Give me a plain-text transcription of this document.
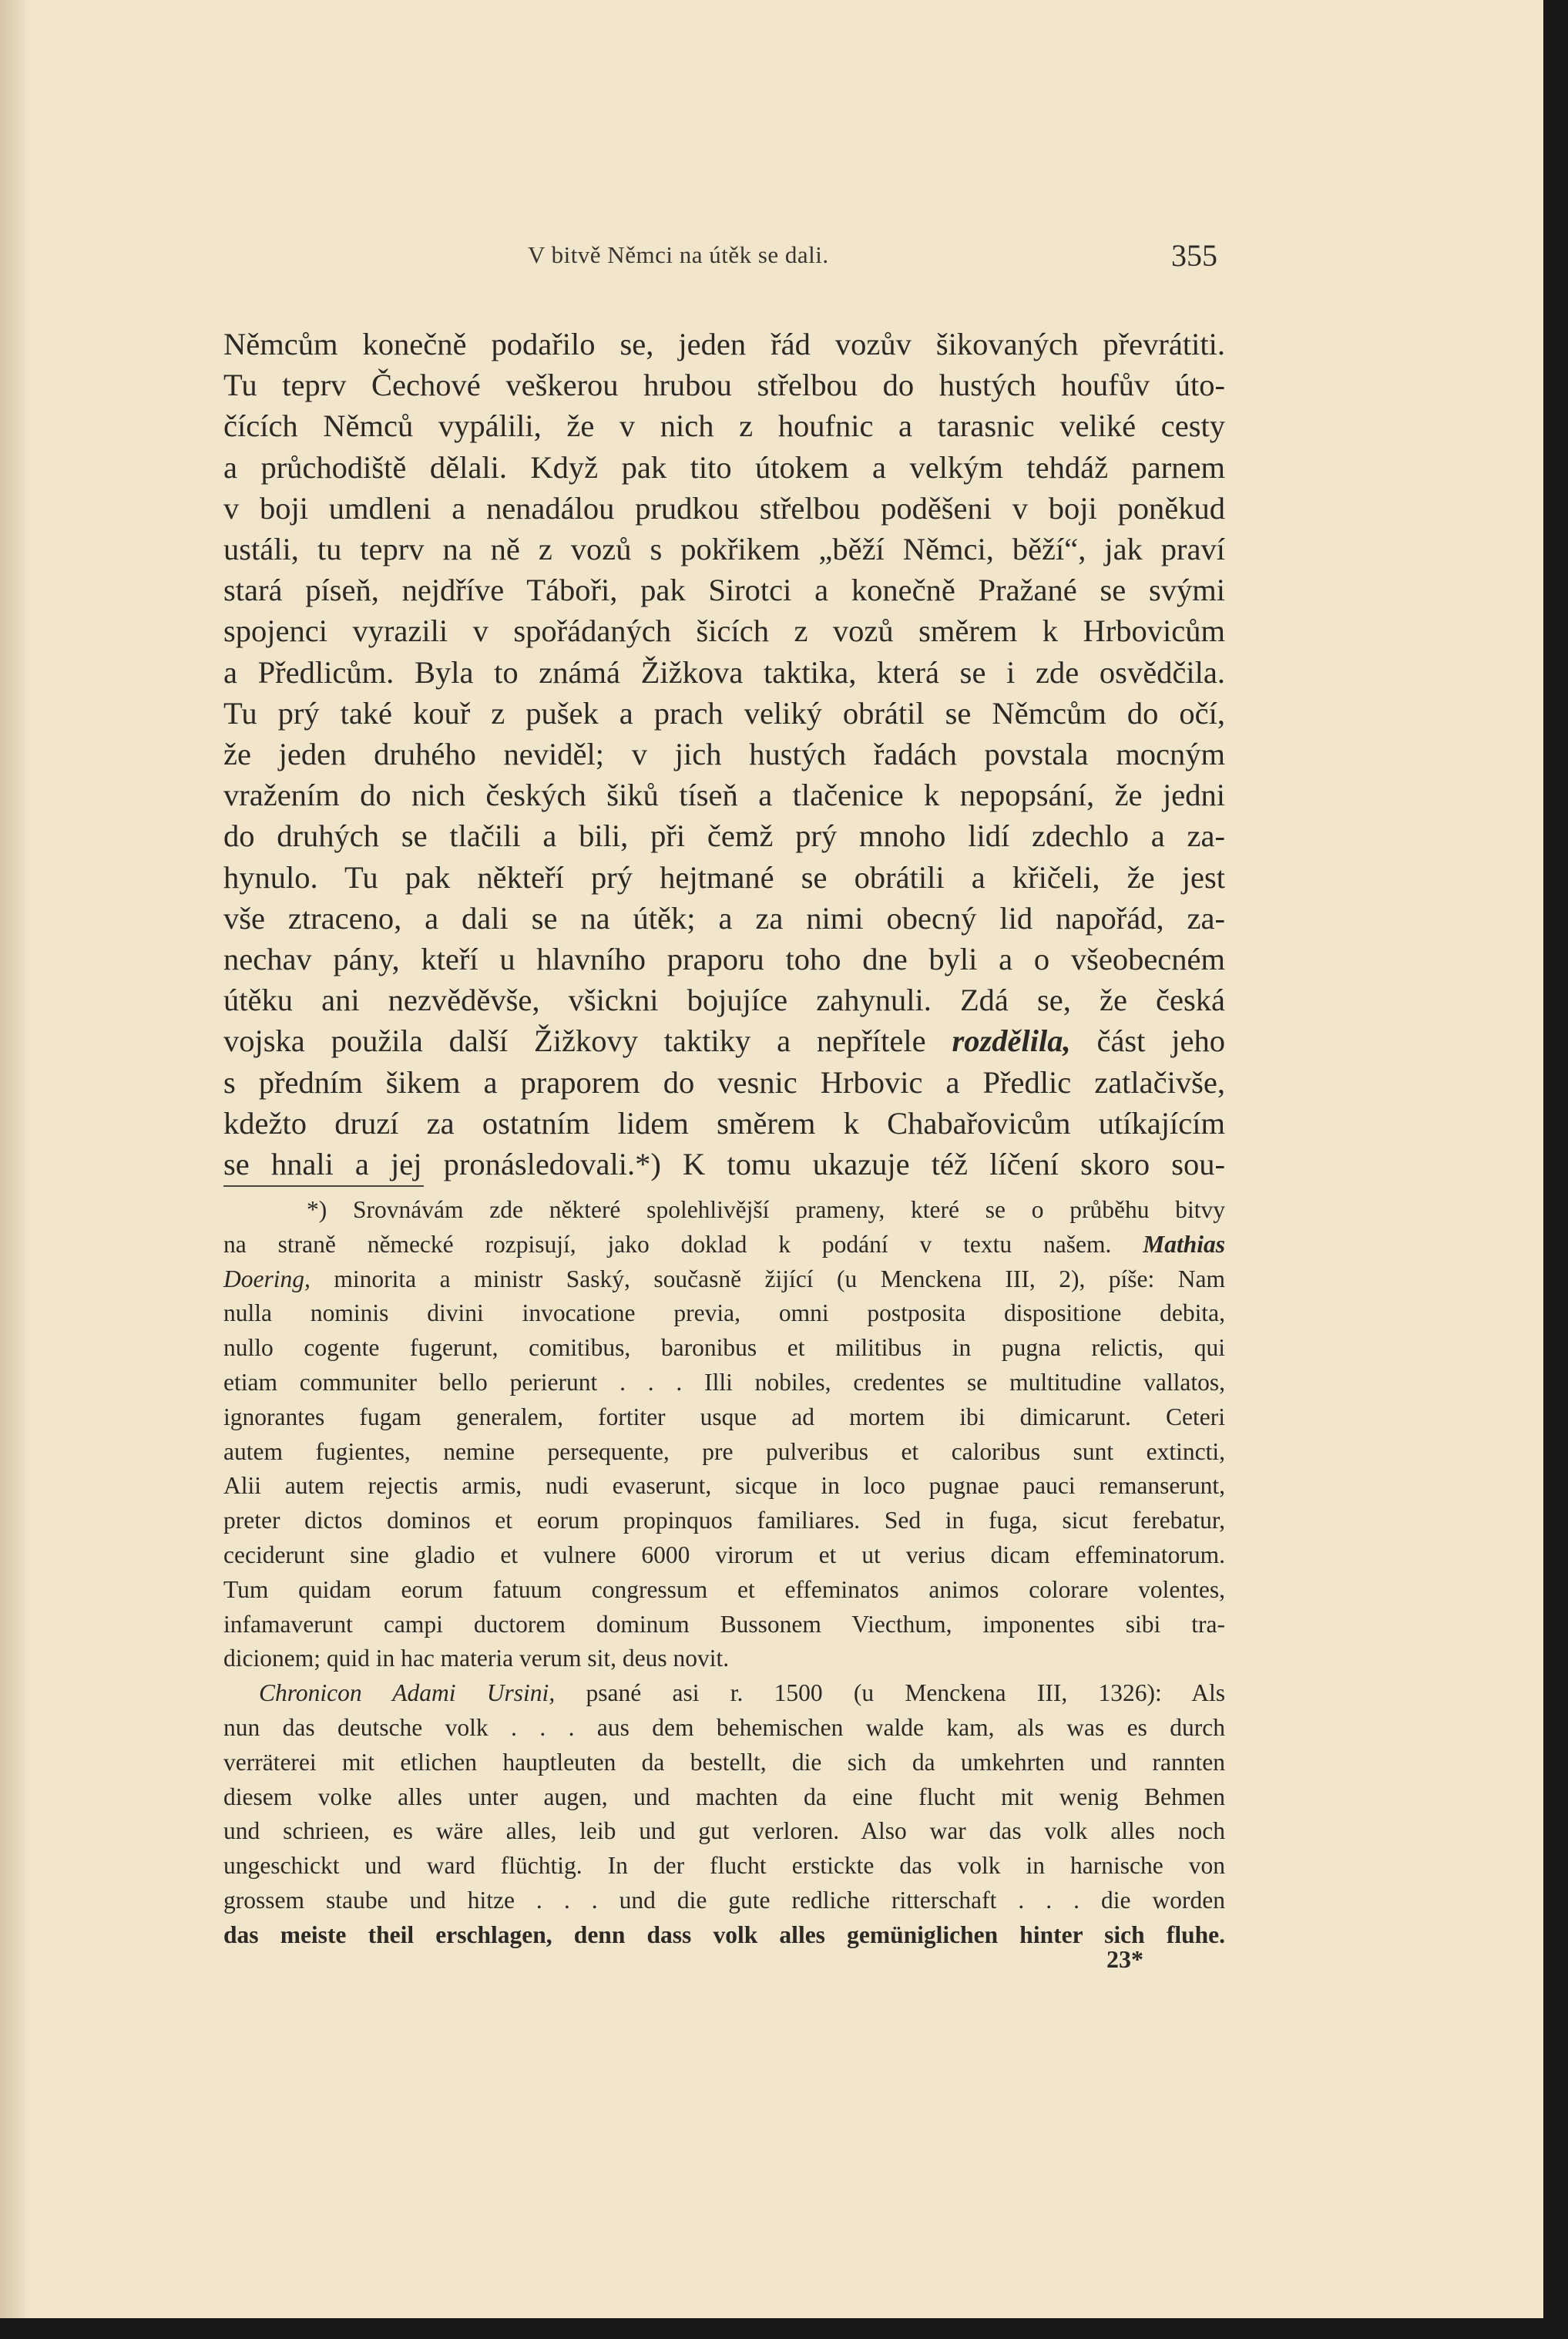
V bitvě Němci na útěk se dali.	355
Němcům konečně podařilo se, jeden řád vozův šikovaných převrátiti.
Tu teprv Čechové veškerou hrubou střelbou do hustých houfův úto-
čících Němců vypálili, že v nich z houfnic a tarasnic veliké cesty
a průchodiště dělali. Když pak tito útokem a velkým tehdáž parnem
v boji umdleni a nenadálou prudkou střelbou poděšeni v boji poněkud
ustáli, tu teprv na ně z vozů s pokřikem „běží Němci, běží“, jak praví
stará píseň, nejdříve Táboři, pak Sirotci a konečně Pražané se svými
spojenci vyrazili v spořádaných šicích z vozů směrem k Hrbovicům
a Předlicům. Byla to známá Žižkova taktika, která se i zde osvědčila.
Tu prý také kouř z pušek a prach veliký obrátil se Němcům do očí,
že jeden druhého neviděl; v jich hustých řadách povstala mocným
vražením do nich českých šiků tíseň a tlačenice k nepopsání, že jedni
do druhých se tlačili a bili, při čemž prý mnoho lidí zdechlo a za-
hynulo. Tu pak někteří prý hejtmané se obrátili a křičeli, že jest
vše ztraceno, a dali se na útěk; a za nimi obecný lid napořád, za-
nechav pány, kteří u hlavního praporu toho dne byli a o všeobecném
útěku ani nezvěděvše, všickni bojujíce zahynuli. Zdá se, že česká
vojska použila další Žižkovy taktiky a nepřítele rozdělila, část jeho
s předním šikem a praporem do vesnic Hrbovic a Předlic zatlačivše,
kdežto druzí za ostatním lidem směrem k Chabařovicům utíkajícím
se hnali a jej pronásledovali.*) K tomu ukazuje též líčení skoro sou-
*) Srovnávám zde některé spolehlivější prameny, které se o průběhu bitvy
na straně německé rozpisují, jako doklad k podání v textu našem. Mathias
Doering, minorita a ministr Saský, současně žijící (u Menckena III, 2), píše: Nam
nulla nominis divini invocatione previa, omni postposita dispositione debita,
nullo cogente fugerunt, comitibus, baronibus et militibus in pugna relictis, qui
etiam communiter bello perierunt . . . Illi nobiles, credentes se multitudine vallatos,
ignorantes fugam generalem, fortiter usque ad mortem ibi dimicarunt. Ceteri
autem fugientes, nemine persequente, pre pulveribus et caloribus sunt extincti,
Alii autem rejectis armis, nudi evaserunt, sicque in loco pugnae pauci remanserunt,
preter dictos dominos et eorum propinquos familiares. Sed in fuga, sicut ferebatur,
ceciderunt sine gladio et vulnere 6000 virorum et ut verius dicam effeminatorum.
Tum quidam eorum fatuum congressum et effeminatos animos colorare volentes,
infamaverunt campi ductorem dominum Bussonem Viecthum, imponentes sibi tra-
dicionem; quid in hac materia verum sit, deus novit.
Chronicon Adami Ursini, psané asi r. 1500 (u Menckena III, 1326): Als
nun das deutsche volk . . . aus dem behemischen walde kam, als was es durch
verräterei mit etlichen hauptleuten da bestellt, die sich da umkehrten und rannten
diesem volke alles unter augen, und machten da eine flucht mit wenig Behmen
und schrieen, es wäre alles, leib und gut verloren. Also war das volk alles noch
ungeschickt und ward flüchtig. In der flucht erstickte das volk in harnische von
grossem staube und hitze . . . und die gute redliche ritterschaft . . . die worden
das meiste theil erschlagen, denn dass volk alles gemüniglichen hinter sich fluhe.
23*
